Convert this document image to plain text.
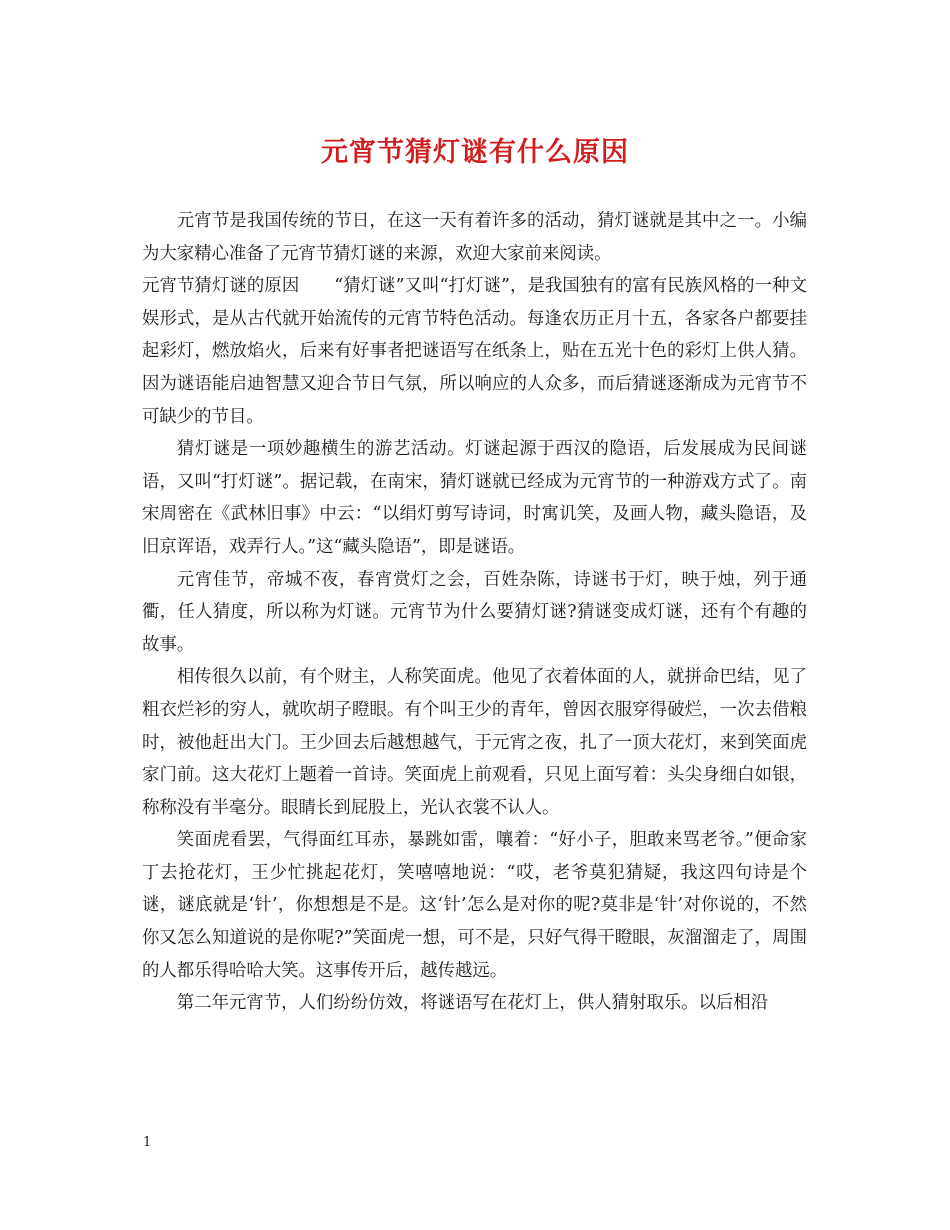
元宵节猜灯谜有什么原因

元宵节是我国传统的节日，在这一天有着许多的活动，猜灯谜就是其中之一。小编为大家精心准备了元宵节猜灯谜的来源，欢迎大家前来阅读。

元宵节猜灯谜的原因　　“猜灯谜”又叫“打灯谜”，是我国独有的富有民族风格的一种文娱形式，是从古代就开始流传的元宵节特色活动。每逢农历正月十五，各家各户都要挂起彩灯，燃放焰火，后来有好事者把谜语写在纸条上，贴在五光十色的彩灯上供人猜。因为谜语能启迪智慧又迎合节日气氛，所以响应的人众多，而后猜谜逐渐成为元宵节不可缺少的节目。

猜灯谜是一项妙趣横生的游艺活动。灯谜起源于西汉的隐语，后发展成为民间谜语，又叫“打灯谜”。据记载，在南宋，猜灯谜就已经成为元宵节的一种游戏方式了。南宋周密在《武林旧事》中云：“以绢灯剪写诗词，时寓讥笑，及画人物，藏头隐语，及旧京诨语，戏弄行人。”这“藏头隐语”，即是谜语。

元宵佳节，帝城不夜，春宵赏灯之会，百姓杂陈，诗谜书于灯，映于烛，列于通衢，任人猜度，所以称为灯谜。元宵节为什么要猜灯谜?猜谜变成灯谜，还有个有趣的故事。

相传很久以前，有个财主，人称笑面虎。他见了衣着体面的人，就拼命巴结，见了粗衣烂衫的穷人，就吹胡子瞪眼。有个叫王少的青年，曾因衣服穿得破烂，一次去借粮时，被他赶出大门。王少回去后越想越气，于元宵之夜，扎了一顶大花灯，来到笑面虎家门前。这大花灯上题着一首诗。笑面虎上前观看，只见上面写着：头尖身细白如银，称称没有半毫分。眼睛长到屁股上，光认衣裳不认人。

笑面虎看罢，气得面红耳赤，暴跳如雷，嚷着：“好小子，胆敢来骂老爷。”便命家丁去抢花灯，王少忙挑起花灯，笑嘻嘻地说：“哎，老爷莫犯猜疑，我这四句诗是个谜，谜底就是‘针’，你想想是不是。这‘针’怎么是对你的呢?莫非是‘针’对你说的，不然你又怎么知道说的是你呢?”笑面虎一想，可不是，只好气得干瞪眼，灰溜溜走了，周围的人都乐得哈哈大笑。这事传开后，越传越远。

第二年元宵节，人们纷纷仿效，将谜语写在花灯上，供人猜射取乐。以后相沿

1
